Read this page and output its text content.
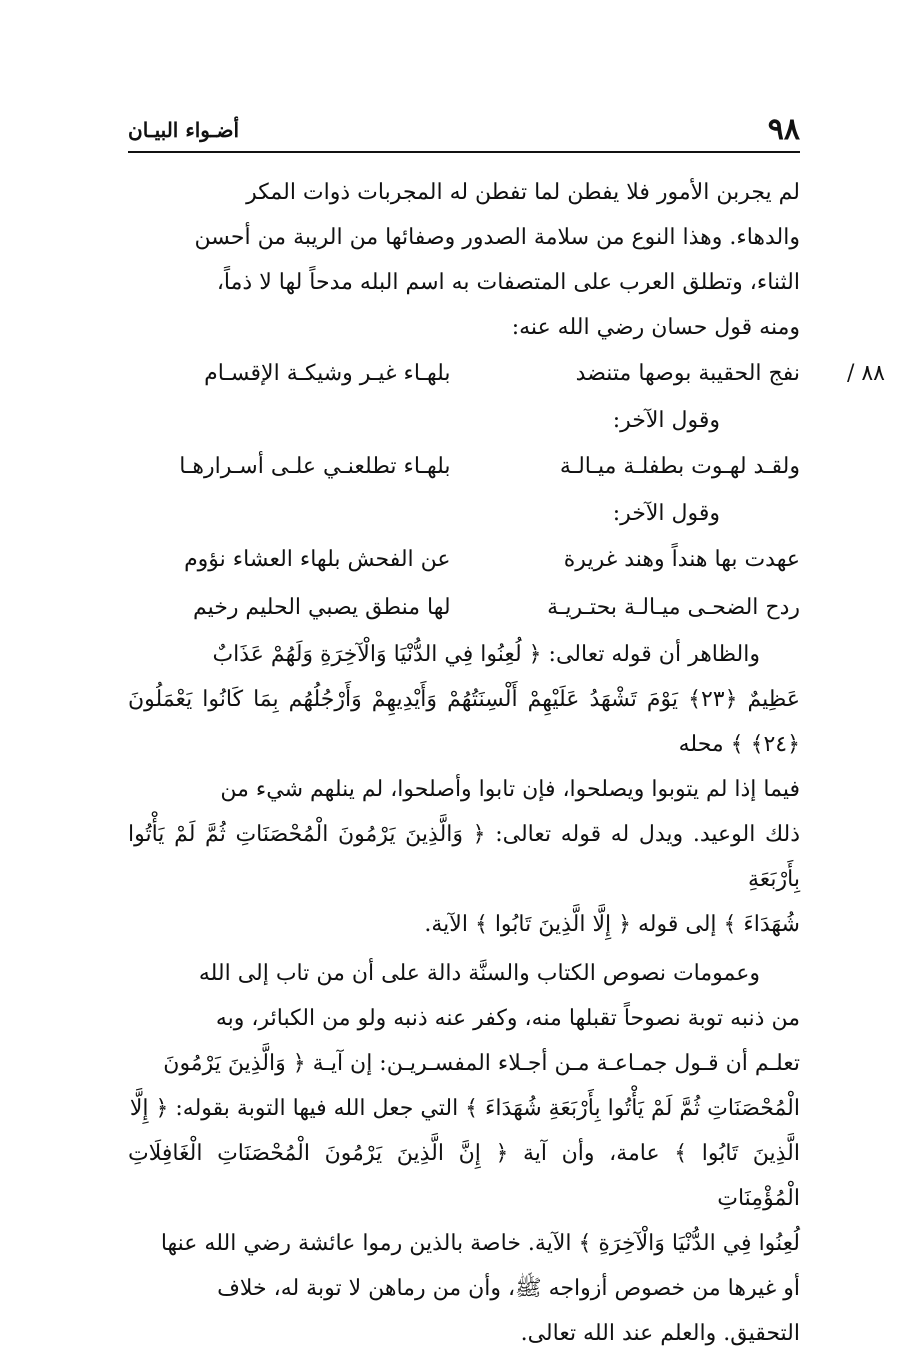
٩٨
أضـواء البيـان

لم يجربن الأمور فلا يفطن لما تفطن له المجربات ذوات المكر

والدهاء. وهذا النوع من سلامة الصدور وصفائها من الريبة من أحسن

الثناء، وتطلق العرب على المتصفات به اسم البله مدحاً لها لا ذماً،

ومنه قول حسان رضي الله عنه:

٨٨ /
نفج الحقيبة بوصها متنضد
بلهـاء غيـر وشيكـة الإقسـام

وقول الآخر:

ولقـد لهـوت بطفلـة ميـالـة
بلهـاء تطلعنـي علـى أسـرارهـا

وقول الآخر:

عهدت بها هنداً وهند غريرة
عن الفحش بلهاء العشاء نؤوم
ردح الضحـى ميـالـة بحتـريـة
لها منطق يصبي الحليم رخيم

والظاهر أن قوله تعالى: ﴿ لُعِنُوا فِي الدُّنْيَا وَالْآخِرَةِ وَلَهُمْ عَذَابٌ

عَظِيمٌ ﴿٢٣﴾ يَوْمَ تَشْهَدُ عَلَيْهِمْ أَلْسِنَتُهُمْ وَأَيْدِيهِمْ وَأَرْجُلُهُم بِمَا كَانُوا يَعْمَلُونَ ﴿٢٤﴾ ﴾ محله

فيما إذا لم يتوبوا ويصلحوا، فإن تابوا وأصلحوا، لم ينلهم شيء من

ذلك الوعيد. ويدل له قوله تعالى: ﴿ وَالَّذِينَ يَرْمُونَ الْمُحْصَنَاتِ ثُمَّ لَمْ يَأْتُوا بِأَرْبَعَةِ

شُهَدَاءَ ﴾ إلى قوله ﴿ إِلَّا الَّذِينَ تَابُوا ﴾ الآية.

وعمومات نصوص الكتاب والسنَّة دالة على أن من تاب إلى الله

من ذنبه توبة نصوحاً تقبلها منه، وكفر عنه ذنبه ولو من الكبائر، وبه

تعلـم أن قـول جمـاعـة مـن أجـلاء المفسـريـن: إن آيـة ﴿ وَالَّذِينَ يَرْمُونَ

الْمُحْصَنَاتِ ثُمَّ لَمْ يَأْتُوا بِأَرْبَعَةِ شُهَدَاءَ ﴾ التي جعل الله فيها التوبة بقوله: ﴿ إِلَّا

الَّذِينَ تَابُوا ﴾ عامة، وأن آية ﴿ إِنَّ الَّذِينَ يَرْمُونَ الْمُحْصَنَاتِ الْغَافِلَاتِ الْمُؤْمِنَاتِ

لُعِنُوا فِي الدُّنْيَا وَالْآخِرَةِ ﴾ الآية. خاصة بالذين رموا عائشة رضي الله عنها

أو غيرها من خصوص أزواجه ﷺ، وأن من رماهن لا توبة له، خلاف

التحقيق. والعلم عند الله تعالى.
